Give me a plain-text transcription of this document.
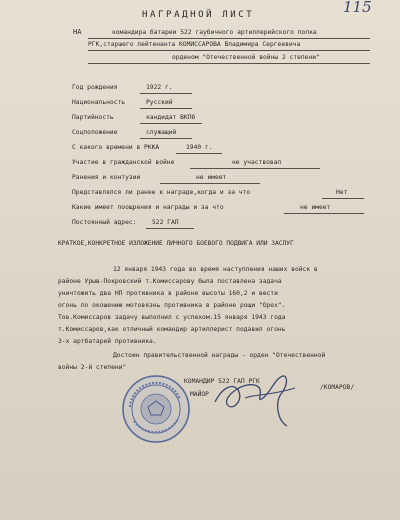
115
НАГРАДНОЙ ЛИСТ
НА	командира батареи 522 гаубичного артиллерийского полка
РГК,старшего лейтенанта КОМИССАРОВА Владимира Сергеевича
орденом "Отечественной войны 2 степени"
Год рождения	1922 г.
Национальность	Русский
Партийность	кандидат ВКПб
Соцположение	служащий
С какого времени в РККА	1940 г.
Участие в гражданской войне	не участвовал
Ранения и контузии	не имеет
Представлялся ли ранее к награде,когда и за что	Нет
Какие имеет поощрения и награды и за что	не имеет
Постоянный адрес: 522 ГАП
КРАТКОЕ,КОНКРЕТНОЕ ИЗЛОЖЕНИЕ ЛИЧНОГО БОЕВОГО ПОДВИГА ИЛИ ЗАСЛУГ
12 января 1943 года во время наступления наших войск в
районе Урыв-Покровский т.Комиссарову была поставлена задача
уничтожить два НП противника в районе высоты 160,2 и вести
огонь по окошению мотовязнь противника в районе рощи "Орех".
Тов.Комиссаров задачу выполнил с успехом.15 января 1943 года
т.Комиссаров,как отличный командир артиллерист подавил огонь
3-х артбатарей противника.
Достоин правительственной награды - орден "Отечественной
войны 2-й степени"
КОМАНДИР 522 ГАП РГК
МАЙОР
/КОМАРОВ/
